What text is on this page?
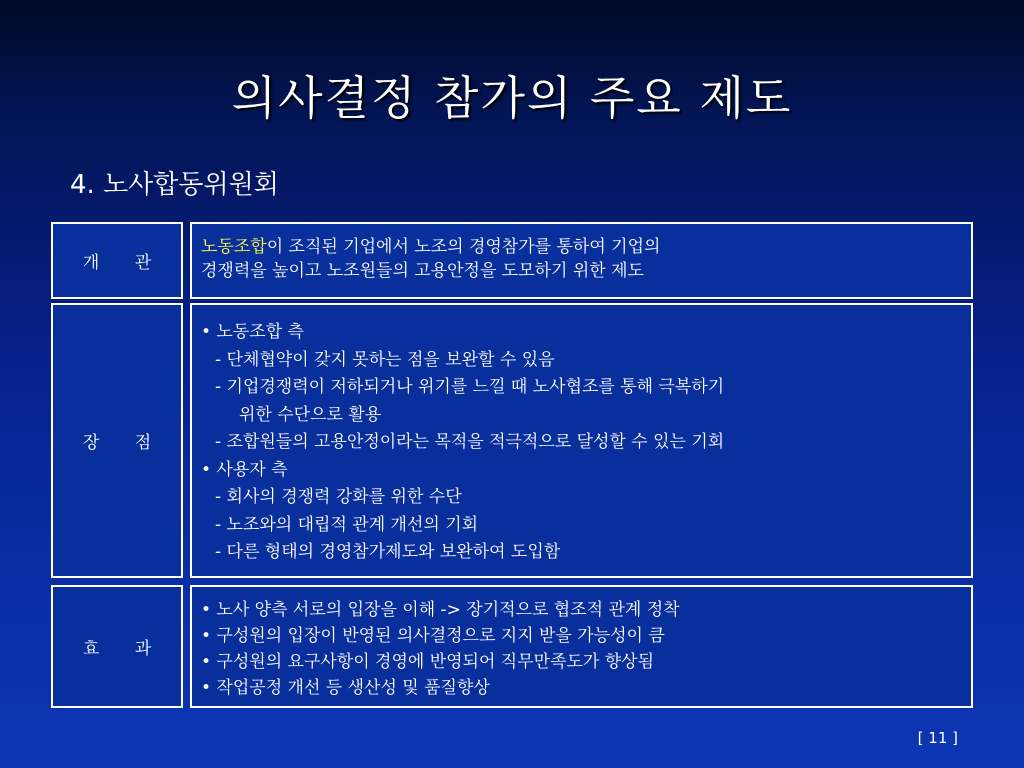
의사결정 참가의 주요 제도
4. 노사합동위원회
개 관
노동조합이 조직된 기업에서 노조의 경영참가를 통하여 기업의
경쟁력을 높이고 노조원들의 고용안정을 도모하기 위한 제도
장 점
• 노동조합 측
- 단체협약이 갖지 못하는 점을 보완할 수 있음
- 기업경쟁력이 저하되거나 위기를 느낄 때 노사협조를 통해 극복하기
위한 수단으로 활용
- 조합원들의 고용안정이라는 목적을 적극적으로 달성할 수 있는 기회
• 사용자 측
- 회사의 경쟁력 강화를 위한 수단
- 노조와의 대립적 관계 개선의 기회
- 다른 형태의 경영참가제도와 보완하여 도입함
효 과
• 노사 양측 서로의 입장을 이해 -> 장기적으로 협조적 관계 정착
• 구성원의 입장이 반영된 의사결정으로 지지 받을 가능성이 큼
• 구성원의 요구사항이 경영에 반영되어 직무만족도가 향상됨
• 작업공정 개선 등 생산성 및 품질향상
[ 11 ]
